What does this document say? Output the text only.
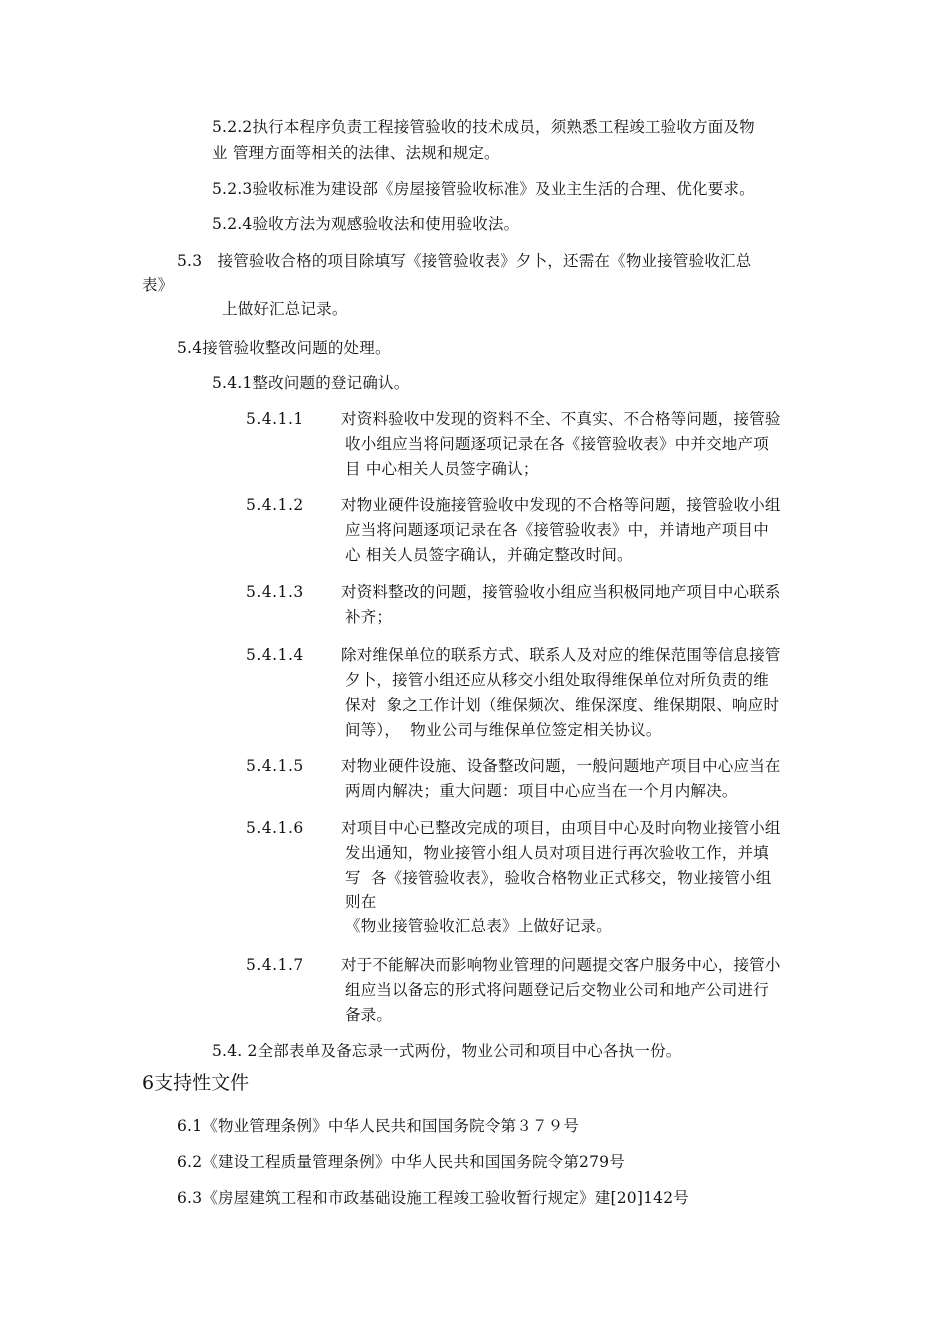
5.2.2执行本程序负责工程接管验收的技术成员，须熟悉工程竣工验收方面及物
业 管理方面等相关的法律、法规和规定。
5.2.3验收标准为建设部《房屋接管验收标准》及业主生活的合理、优化要求。
5.2.4验收方法为观感验收法和使用验收法。
5.3   接管验收合格的项目除填写《接管验收表》夕卜，还需在《物业接管验收汇总
表》
上做好汇总记录。
5.4接管验收整改问题的处理。
5.4.1整改问题的登记确认。
5.4.1.1 对资料验收中发现的资料不全、不真实、不合格等问题，接管验
收小组应当将问题逐项记录在各《接管验收表》中并交地产项
目 中心相关人员签字确认；
5.4.1.2 对物业硬件设施接管验收中发现的不合格等问题，接管验收小组
应当将问题逐项记录在各《接管验收表》中，并请地产项目中
心 相关人员签字确认，并确定整改时间。
5.4.1.3 对资料整改的问题，接管验收小组应当积极同地产项目中心联系
补齐；
5.4.1.4 除对维保单位的联系方式、联系人及对应的维保范围等信息接管
夕卜，接管小组还应从移交小组处取得维保单位对所负责的维
保对  象之工作计划（维保频次、维保深度、维保期限、响应时
间等），  物业公司与维保单位签定相关协议。
5.4.1.5 对物业硬件设施、设备整改问题，一般问题地产项目中心应当在
两周内解决；重大问题：项目中心应当在一个月内解决。
5.4.1.6 对项目中心已整改完成的项目，由项目中心及时向物业接管小组
发出通知，物业接管小组人员对项目进行再次验收工作，并填
写  各《接管验收表》，验收合格物业正式移交，物业接管小组
则在
《物业接管验收汇总表》上做好记录。
5.4.1.7 对于不能解决而影响物业管理的问题提交客户服务中心，接管小
组应当以备忘的形式将问题登记后交物业公司和地产公司进行
备录。
5.4. 2全部表单及备忘录一式两份，物业公司和项目中心各执一份。
6支持性文件
6.1《物业管理条例》中华人民共和国国务院令第３７９号
6.2《建设工程质量管理条例》中华人民共和国国务院令第279号
6.3《房屋建筑工程和市政基础设施工程竣工验收暂行规定》建[20]142号
